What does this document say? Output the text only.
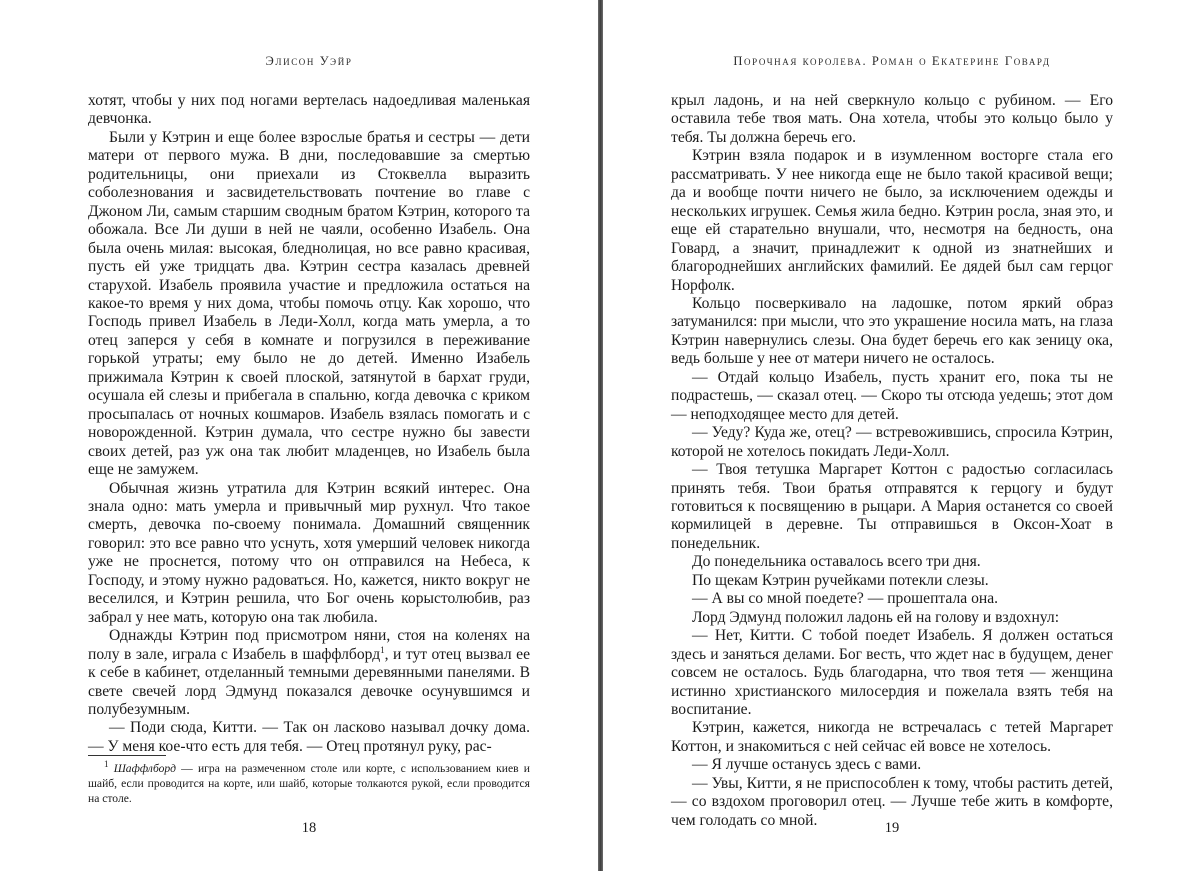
Элисон Уэйр

хотят, чтобы у них под ногами вертелась надоедливая маленькая девчонка.

Были у Кэтрин и еще более взрослые братья и сестры — дети матери от первого мужа. В дни, последовавшие за смертью родительницы, они приехали из Стоквелла выразить соболезнования и засвидетельствовать почтение во главе с Джоном Ли, самым старшим сводным братом Кэтрин, которого та обожала. Все Ли души в ней не чаяли, особенно Изабель. Она была очень милая: высокая, бледнолицая, но все равно красивая, пусть ей уже тридцать два. Кэтрин сестра казалась древней старухой. Изабель проявила участие и предложила остаться на какое-то время у них дома, чтобы помочь отцу. Как хорошо, что Господь привел Изабель в Леди-Холл, когда мать умерла, а то отец заперся у себя в комнате и погрузился в переживание горькой утраты; ему было не до детей. Именно Изабель прижимала Кэтрин к своей плоской, затянутой в бархат груди, осушала ей слезы и прибегала в спальню, когда девочка с криком просыпалась от ночных кошмаров. Изабель взялась помогать и с новорожденной. Кэтрин думала, что сестре нужно бы завести своих детей, раз уж она так любит младенцев, но Изабель была еще не замужем.

Обычная жизнь утратила для Кэтрин всякий интерес. Она знала одно: мать умерла и привычный мир рухнул. Что такое смерть, девочка по-своему понимала. Домашний священник говорил: это все равно что уснуть, хотя умерший человек никогда уже не проснется, потому что он отправился на Небеса, к Господу, и этому нужно радоваться. Но, кажется, никто вокруг не веселился, и Кэтрин решила, что Бог очень корыстолюбив, раз забрал у нее мать, которую она так любила.

Однажды Кэтрин под присмотром няни, стоя на коленях на полу в зале, играла с Изабель в шаффлборд$^1$, и тут отец вызвал ее к себе в кабинет, отделанный темными деревянными панелями. В свете свечей лорд Эдмунд показался девочке осунувшимся и полубезумным.

— Поди сюда, Китти. — Так он ласково называл дочку дома. — У меня кое-что есть для тебя. — Отец протянул руку, рас-

$^1$ Шаффлборд — игра на размеченном столе или корте, с использованием киев и шайб, если проводится на корте, или шайб, которые толкаются рукой, если проводится на столе.
18
Порочная королева. Роман о Екатерине Говард

крыл ладонь, и на ней сверкнуло кольцо с рубином. — Его оставила тебе твоя мать. Она хотела, чтобы это кольцо было у тебя. Ты должна беречь его.

Кэтрин взяла подарок и в изумленном восторге стала его рассматривать. У нее никогда еще не было такой красивой вещи; да и вообще почти ничего не было, за исключением одежды и нескольких игрушек. Семья жила бедно. Кэтрин росла, зная это, и еще ей старательно внушали, что, несмотря на бедность, она Говард, а значит, принадлежит к одной из знатнейших и благороднейших английских фамилий. Ее дядей был сам герцог Норфолк.

Кольцо посверкивало на ладошке, потом яркий образ затуманился: при мысли, что это украшение носила мать, на глаза Кэтрин навернулись слезы. Она будет беречь его как зеницу ока, ведь больше у нее от матери ничего не осталось.

— Отдай кольцо Изабель, пусть хранит его, пока ты не подрастешь, — сказал отец. — Скоро ты отсюда уедешь; этот дом — неподходящее место для детей.

— Уеду? Куда же, отец? — встревожившись, спросила Кэтрин, которой не хотелось покидать Леди-Холл.

— Твоя тетушка Маргарет Коттон с радостью согласилась принять тебя. Твои братья отправятся к герцогу и будут готовиться к посвящению в рыцари. А Мария останется со своей кормилицей в деревне. Ты отправишься в Оксон-Хоат в понедельник.

До понедельника оставалось всего три дня.

По щекам Кэтрин ручейками потекли слезы.

— А вы со мной поедете? — прошептала она.

Лорд Эдмунд положил ладонь ей на голову и вздохнул:

— Нет, Китти. С тобой поедет Изабель. Я должен остаться здесь и заняться делами. Бог весть, что ждет нас в будущем, денег совсем не осталось. Будь благодарна, что твоя тетя — женщина истинно христианского милосердия и пожелала взять тебя на воспитание.

Кэтрин, кажется, никогда не встречалась с тетей Маргарет Коттон, и знакомиться с ней сейчас ей вовсе не хотелось.

— Я лучше останусь здесь с вами.

— Увы, Китти, я не приспособлен к тому, чтобы растить детей, — со вздохом проговорил отец. — Лучше тебе жить в комфорте, чем голодать со мной.	19
